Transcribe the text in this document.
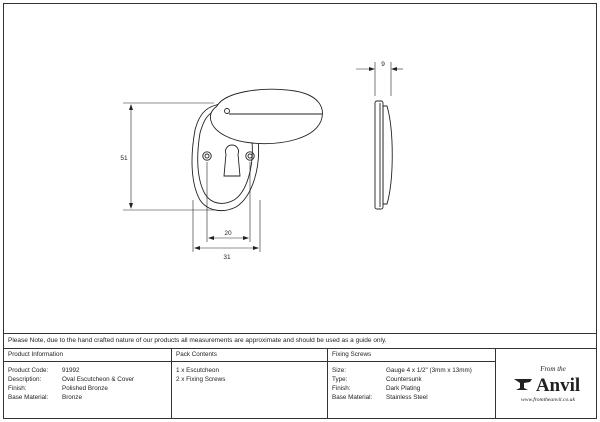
51
20
31
9
Please Note, due to the hand crafted nature of our products all measurements are approximate and should be used as a guide only.
Product Information
Product Code: 91992
Description:	Oval Escutcheon & Cover
Finish:	Polished Bronze
Base Material: Bronze
Pack Contents
1 x Escutcheon
2 x Fixing Screws
Fixing Screws
Size:	Gauge 4 x 1/2" (3mm x 13mm)
Type:	Countersunk
Finish:	Dark Plating
Base Material: Stainless Steel
From the
Anvil
www.fromtheanvil.co.uk
